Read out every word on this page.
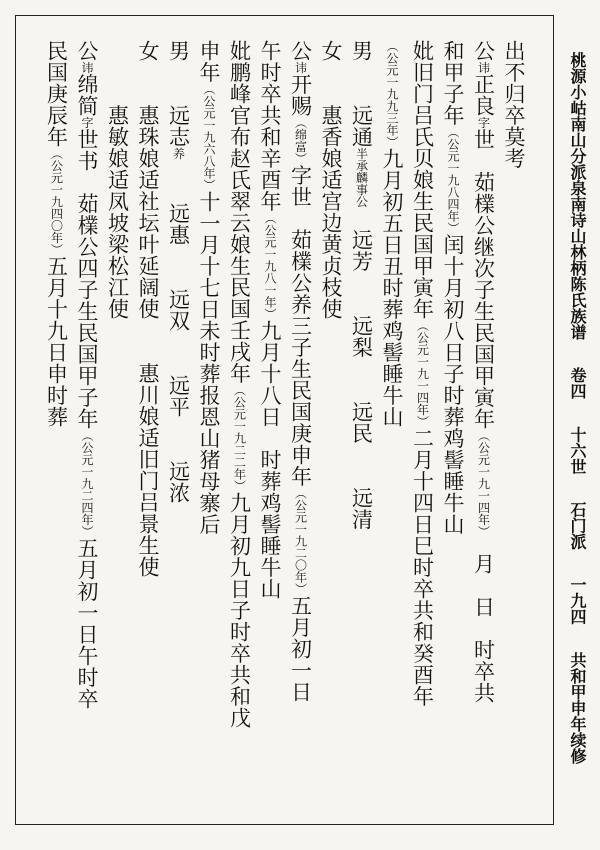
桃源小岵南山分派泉南诗山林柄陈氏族谱 　 卷四 　 十六世 　 石门派 　 一九四 　 共和甲申年续修
出不归卒莫考
公讳正良字世　茹檏公继次子生民国甲寅年（公元一九一四年）　月　日　时卒共
和甲子年（公元一九八四年）闰十月初八日子时葬鸡髻睡牛山
妣旧门吕氏贝娘生民国甲寅年（公元一九一四年）二月十四日巳时卒共和癸酉年
（公元一九九三年）九月初五日丑时葬鸡髻睡牛山
男　　远通半承麟事公　远芳　　远梨　　远民　　远清
女　　惠香娘适宫边黄贞枝使
公讳开赐（绵富）字世　茹檏公养三子生民国庚申年（公元一九二〇年）五月初一日
午时卒共和辛酉年（公元一九八一年）九月十八日　时葬鸡髻睡牛山
妣鹏峰官布赵氏翠云娘生民国壬戌年（公元一九二二年）九月初九日子时卒共和戊
申年（公元一九六八年）十一月十七日未时葬报恩山猪母寨后
男　　远志养　　远惠　　远双　　远平　　远浓
女　　惠珠娘适社坛叶延阔使　　惠川娘适旧门吕景生使
　　　惠敏娘适凤坡梁松江使
公讳绵简字世书　茹檏公四子生民国甲子年（公元一九二四年）五月初一日午时卒
民国庚辰年（公元一九四〇年）五月十九日申时葬
